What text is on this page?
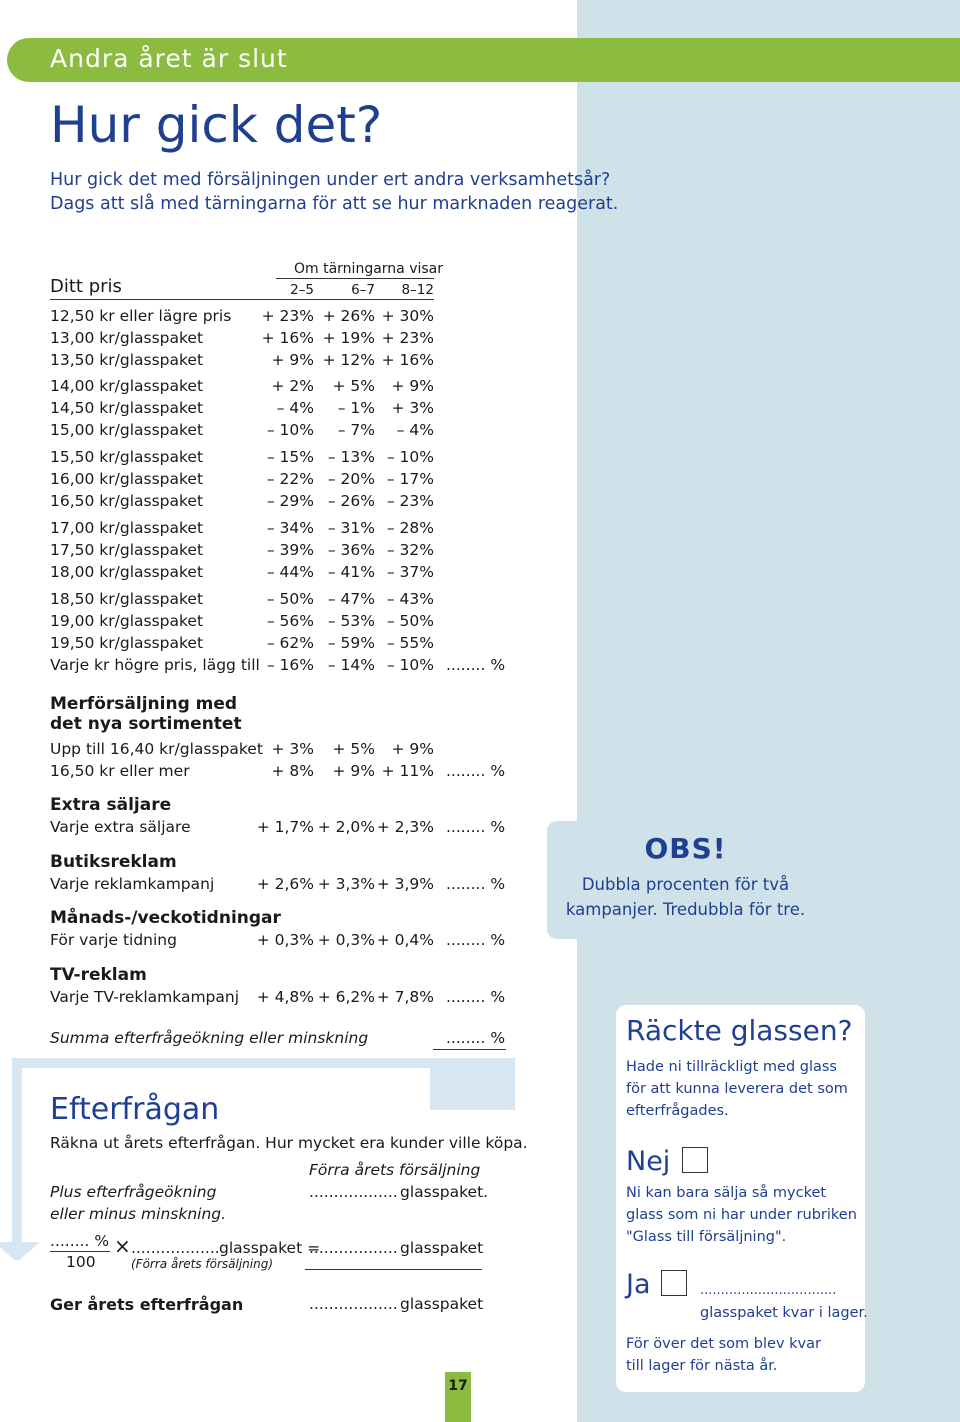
Andra året är slut
Hur gick det?
Hur gick det med försäljningen under ert andra verksamhetsår?
Dags att slå med tärningarna för att se hur marknaden reagerat.
Om tärningarna visar
Ditt pris	2–5	6–7	8–12
12,50 kr eller lägre pris	+ 23% + 26% + 30%
13,00 kr/glasspaket	+ 16% + 19% + 23%
13,50 kr/glasspaket	+ 9% + 12% + 16%
14,00 kr/glasspaket	+ 2%	+ 5%	+ 9%
14,50 kr/glasspaket	– 4%	– 1%	+ 3%
15,00 kr/glasspaket	– 10%	– 7%	– 4%
15,50 kr/glasspaket	– 15% – 13% – 10%
16,00 kr/glasspaket	– 22% – 20% – 17%
16,50 kr/glasspaket	– 29% – 26% – 23%
17,00 kr/glasspaket	– 34% – 31% – 28%
17,50 kr/glasspaket	– 39% – 36% – 32%
18,00 kr/glasspaket	– 44% – 41% – 37%
18,50 kr/glasspaket	– 50% – 47% – 43%
19,00 kr/glasspaket	– 56% – 53% – 50%
19,50 kr/glasspaket	– 62% – 59% – 55%
Varje kr högre pris, lägg till – 16% – 14% – 10% ........ %
Merförsäljning med
det nya sortimentet
Upp till 16,40 kr/glasspaket + 3%	+ 5%	+ 9%
16,50 kr eller mer	+ 8%	+ 9% + 11% ........ %
Extra säljare
Varje extra säljare	+ 1,7% + 2,0% + 2,3% ........ %
Butiksreklam
Varje reklamkampanj	+ 2,6% + 3,3% + 3,9% ........ %
Månads-/veckotidningar
För varje tidning	+ 0,3% + 0,3% + 0,4% ........ %
TV-reklam
Varje TV-reklamkampanj	+ 4,8% + 6,2% + 7,8% ........ %
Summa efterfrågeökning eller minskning	........ %
OBS!
Dubbla procenten för två
kampanjer. Tredubbla för tre.
Efterfrågan
Räkna ut årets efterfrågan. Hur mycket era kunder ville köpa.
Förra årets försäljning
Plus efterfrågeökning	.................. glasspaket.
eller minus minskning.
........ %
100
× .................. glasspaket =
.................. glasspaket
(Förra årets försäljning)
Ger årets efterfrågan	.................. glasspaket
Räckte glassen?
Hade ni tillräckligt med glass
för att kunna leverera det som
efterfrågades.
Nej
Ni kan bara sälja så mycket
glass som ni har under rubriken
"Glass till försäljning".
Ja	.................................
glasspaket kvar i lager.
För över det som blev kvar
till lager för nästa år.
17
